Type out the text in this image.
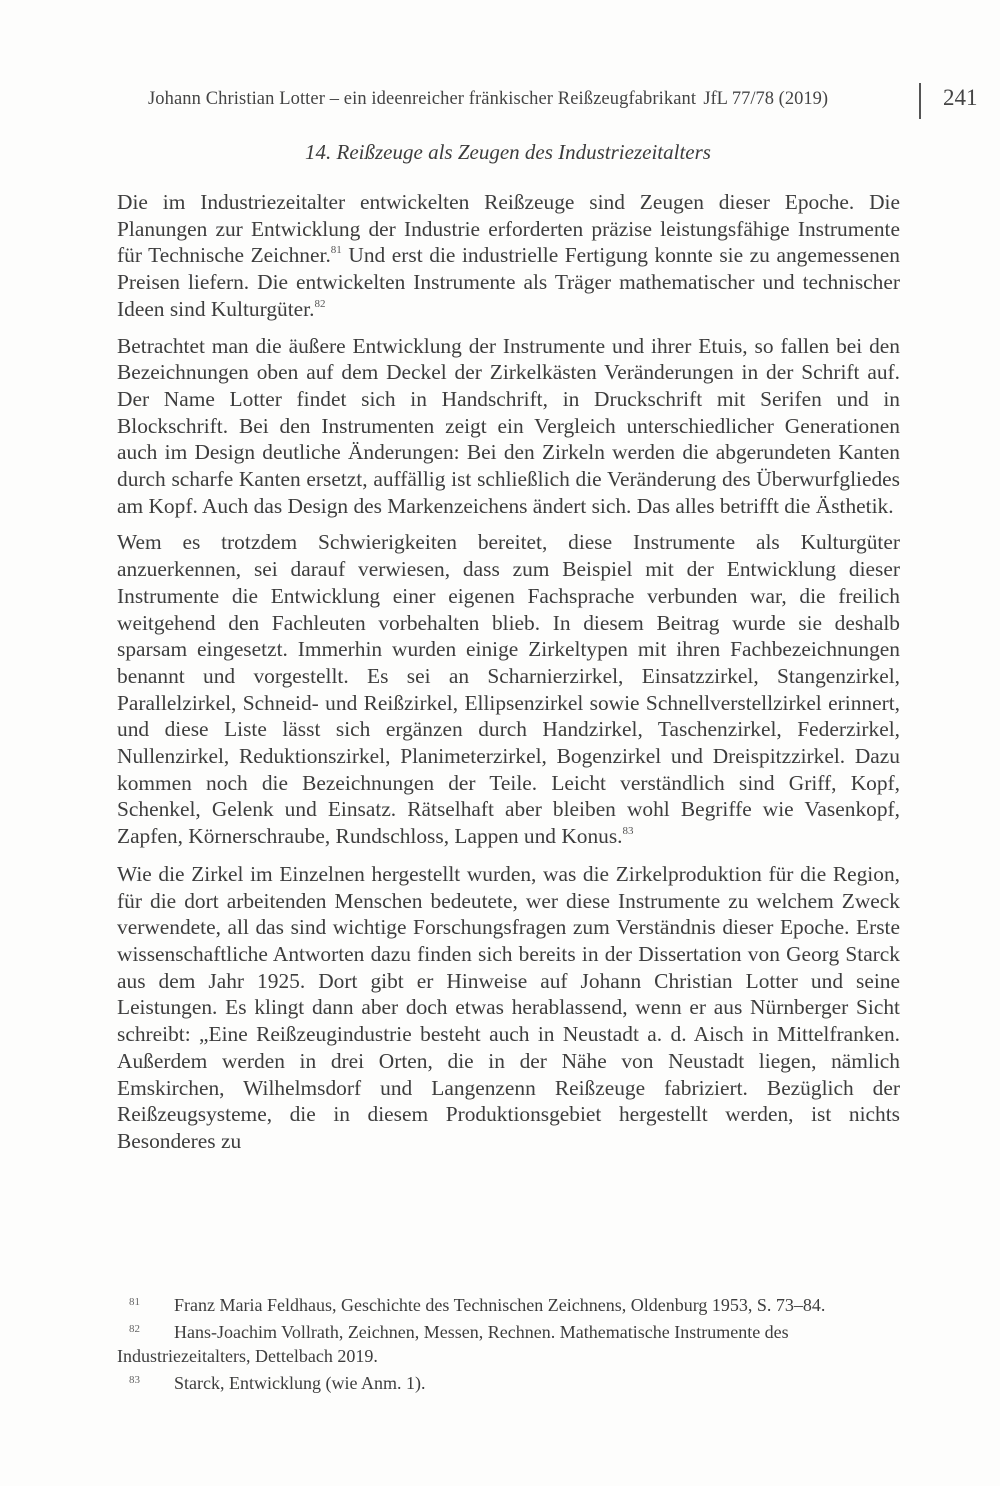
Johann Christian Lotter – ein ideenreicher fränkischer Reißzeugfabrikant JfL 77/78 (2019)	241
14. Reißzeuge als Zeugen des Industriezeitalters

Die im Industriezeitalter entwickelten Reißzeuge sind Zeugen dieser Epoche. Die Planungen zur Entwicklung der Industrie erforderten präzise leistungsfähige Instrumente für Technische Zeichner.$^{81}$ Und erst die industrielle Fertigung konnte sie zu angemessenen Preisen liefern. Die entwickelten Instrumente als Träger mathematischer und technischer Ideen sind Kulturgüter.$^{82}$

Betrachtet man die äußere Entwicklung der Instrumente und ihrer Etuis, so fallen bei den Bezeichnungen oben auf dem Deckel der Zirkelkästen Veränderungen in der Schrift auf. Der Name Lotter findet sich in Handschrift, in Druckschrift mit Serifen und in Blockschrift. Bei den Instrumenten zeigt ein Vergleich unterschiedlicher Generationen auch im Design deutliche Änderungen: Bei den Zirkeln werden die abgerundeten Kanten durch scharfe Kanten ersetzt, auffällig ist schließlich die Veränderung des Überwurfgliedes am Kopf. Auch das Design des Markenzeichens ändert sich. Das alles betrifft die Ästhetik.

Wem es trotzdem Schwierigkeiten bereitet, diese Instrumente als Kulturgüter anzuerkennen, sei darauf verwiesen, dass zum Beispiel mit der Entwicklung dieser Instrumente die Entwicklung einer eigenen Fachsprache verbunden war, die freilich weitgehend den Fachleuten vorbehalten blieb. In diesem Beitrag wurde sie deshalb sparsam eingesetzt. Immerhin wurden einige Zirkeltypen mit ihren Fachbezeichnungen benannt und vorgestellt. Es sei an Scharnierzirkel, Einsatzzirkel, Stangenzirkel, Parallelzirkel, Schneid- und Reißzirkel, Ellipsenzirkel sowie Schnellverstellzirkel erinnert, und diese Liste lässt sich ergänzen durch Handzirkel, Taschenzirkel, Federzirkel, Nullenzirkel, Reduktionszirkel, Planimeterzirkel, Bogenzirkel und Dreispitzzirkel. Dazu kommen noch die Bezeichnungen der Teile. Leicht verständlich sind Griff, Kopf, Schenkel, Gelenk und Einsatz. Rätselhaft aber bleiben wohl Begriffe wie Vasenkopf, Zapfen, Körnerschraube, Rundschloss, Lappen und Konus.$^{83}$

Wie die Zirkel im Einzelnen hergestellt wurden, was die Zirkelproduktion für die Region, für die dort arbeitenden Menschen bedeutete, wer diese Instrumente zu welchem Zweck verwendete, all das sind wichtige Forschungsfragen zum Verständnis dieser Epoche. Erste wissenschaftliche Antworten dazu finden sich bereits in der Dissertation von Georg Starck aus dem Jahr 1925. Dort gibt er Hinweise auf Johann Christian Lotter und seine Leistungen. Es klingt dann aber doch etwas herablassend, wenn er aus Nürnberger Sicht schreibt: „Eine Reißzeugindustrie besteht auch in Neustadt a. d. Aisch in Mittelfranken. Außerdem werden in drei Orten, die in der Nähe von Neustadt liegen, nämlich Emskirchen, Wilhelmsdorf und Langenzenn Reißzeuge fabriziert. Bezüglich der Reißzeugsysteme, die in diesem Produktionsgebiet hergestellt werden, ist nichts Besonderes zu

81 Franz Maria Feldhaus, Geschichte des Technischen Zeichnens, Oldenburg 1953, S. 73–84.

82 Hans-Joachim Vollrath, Zeichnen, Messen, Rechnen. Mathematische Instrumente des
Industriezeitalters, Dettelbach 2019.

83 Starck, Entwicklung (wie Anm. 1).
